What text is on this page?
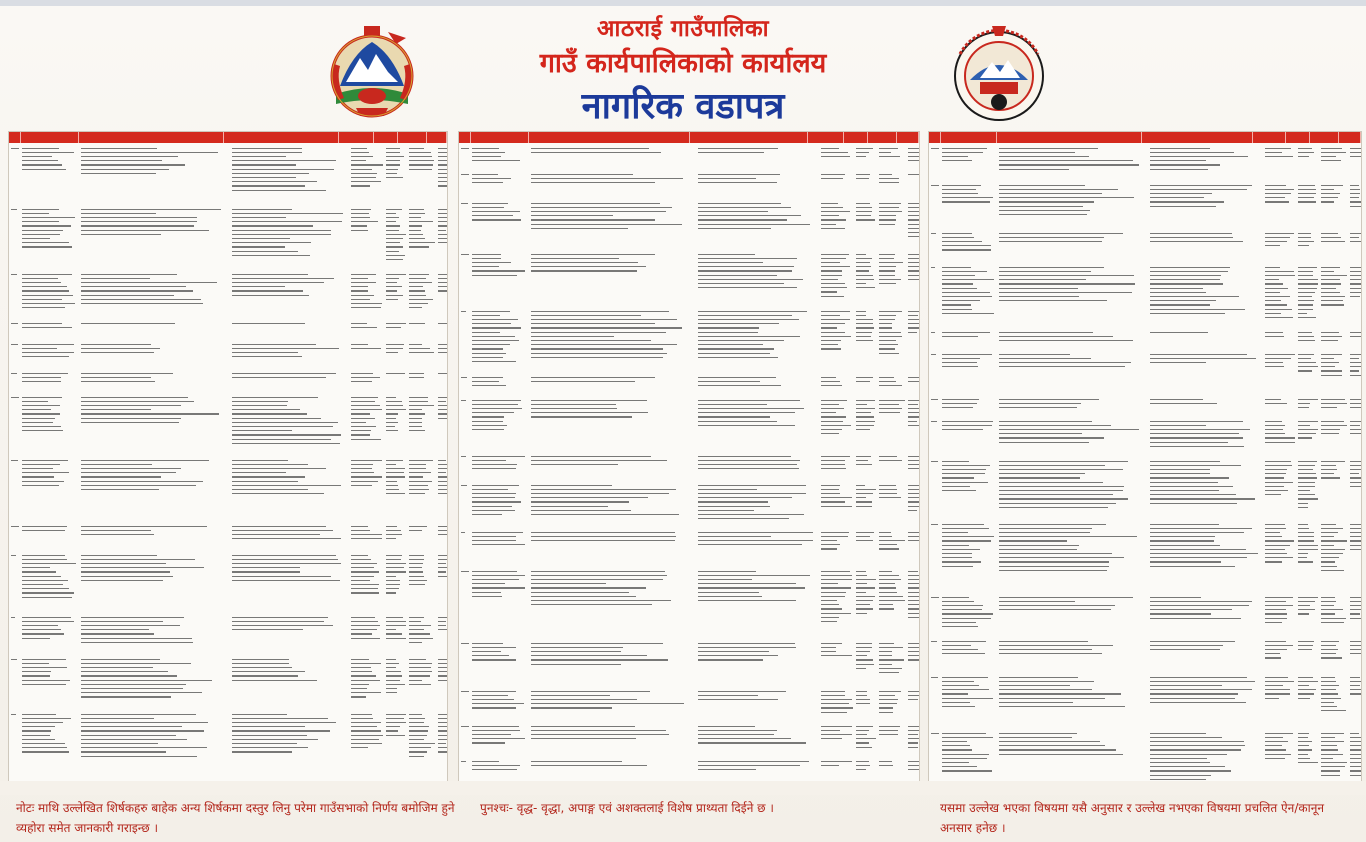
आठराई गाउँपालिका
गाउँ कार्यपालिकाको कार्यालय
नागरिक वडापत्र
नोटः माथि उल्लेखित शिर्षकहरु बाहेक अन्य शिर्षकमा दस्तुर लिनु परेमा गाउँसभाको निर्णय बमोजिम हुने व्यहोरा समेत जानकारी गराइन्छ ।
पुनश्चः- वृद्ध- वृद्धा, अपाङ्ग एवं अशक्तलाई विशेष प्राथ्यता दिईने छ ।	यसमा उल्लेख भएका विषयमा यसै अनुसार र उल्लेख नभएका विषयमा प्रचलित ऐन/कानून अनसार हनेछ ।
